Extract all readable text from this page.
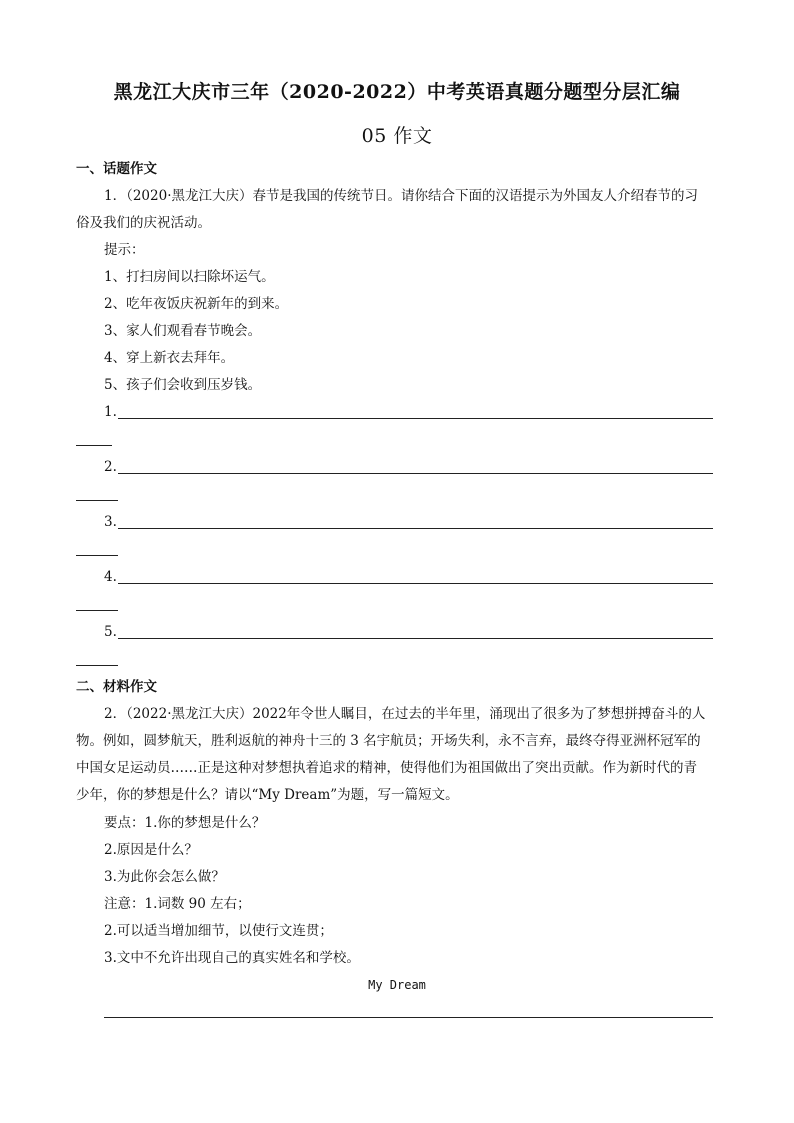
黑龙江大庆市三年（2020-2022）中考英语真题分题型分层汇编
05 作文
一、话题作文
1．（2020·黑龙江大庆）春节是我国的传统节日。请你结合下面的汉语提示为外国友人介绍春节的习
俗及我们的庆祝活动。
提示：
1、打扫房间以扫除坏运气。
2、吃年夜饭庆祝新年的到来。
3、家人们观看春节晚会。
4、穿上新衣去拜年。
5、孩子们会收到压岁钱。
1.
2.
3.
4.
5.
二、材料作文
2．（2022·黑龙江大庆）2022年令世人瞩目，在过去的半年里，涌现出了很多为了梦想拼搏奋斗的人
物。例如，圆梦航天，胜利返航的神舟十三的 3 名宇航员；开场失利，永不言弃，最终夺得亚洲杯冠军的
中国女足运动员……正是这种对梦想执着追求的精神，使得他们为祖国做出了突出贡献。作为新时代的青
少年，你的梦想是什么？请以“My Dream”为题，写一篇短文。
要点：1.你的梦想是什么？
2.原因是什么？
3.为此你会怎么做？
注意：1.词数 90 左右；
2.可以适当增加细节，以使行文连贯；
3.文中不允许出现自己的真实姓名和学校。
My Dream
